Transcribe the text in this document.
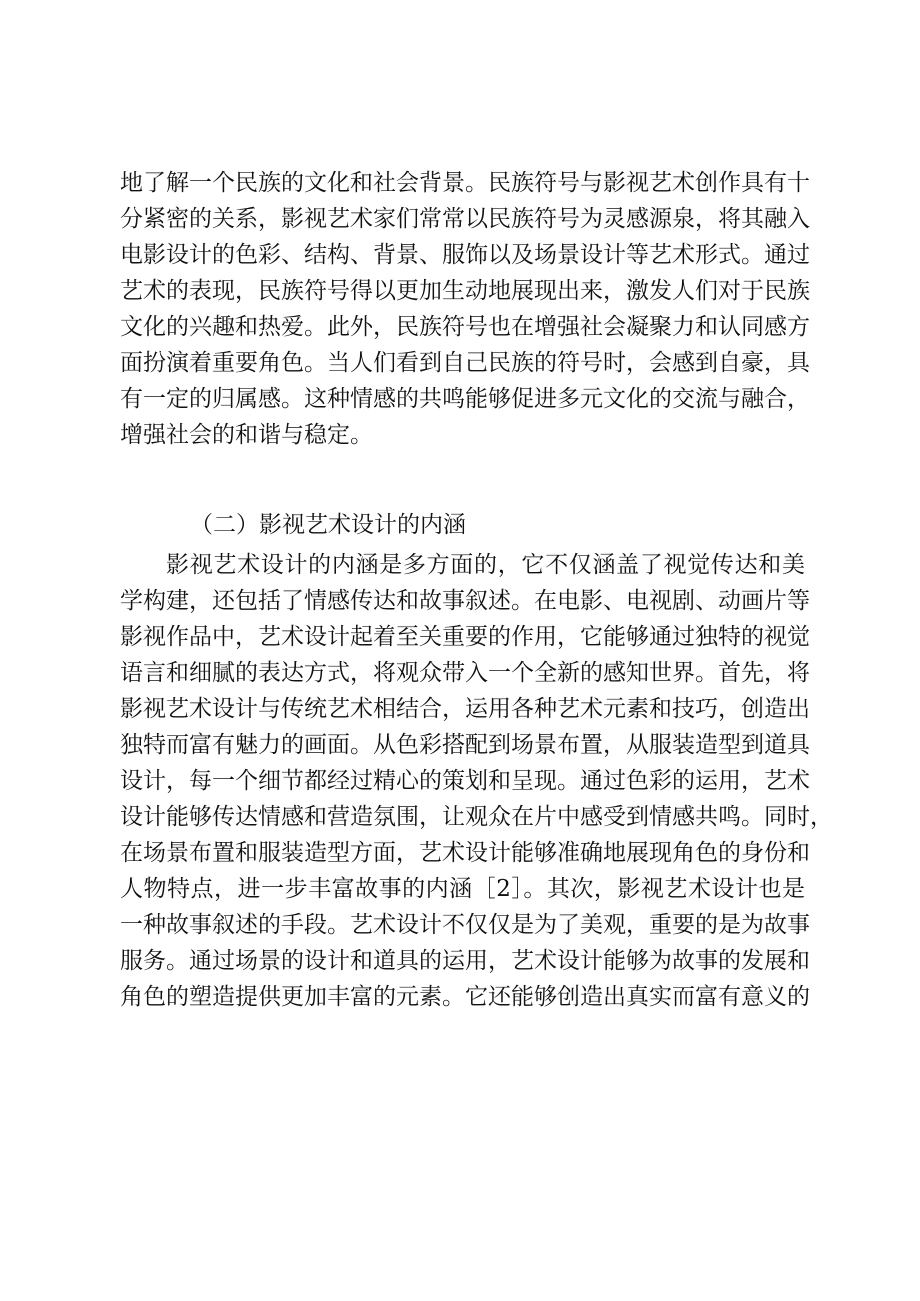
地了解一个民族的文化和社会背景。民族符号与影视艺术创作具有十
分紧密的关系，影视艺术家们常常以民族符号为灵感源泉，将其融入
电影设计的色彩、结构、背景、服饰以及场景设计等艺术形式。通过
艺术的表现，民族符号得以更加生动地展现出来，激发人们对于民族
文化的兴趣和热爱。此外，民族符号也在增强社会凝聚力和认同感方
面扮演着重要角色。当人们看到自己民族的符号时，会感到自豪，具
有一定的归属感。这种情感的共鸣能够促进多元文化的交流与融合，
增强社会的和谐与稳定。
（二）影视艺术设计的内涵
影视艺术设计的内涵是多方面的，它不仅涵盖了视觉传达和美
学构建，还包括了情感传达和故事叙述。在电影、电视剧、动画片等
影视作品中，艺术设计起着至关重要的作用，它能够通过独特的视觉
语言和细腻的表达方式，将观众带入一个全新的感知世界。首先，将
影视艺术设计与传统艺术相结合，运用各种艺术元素和技巧，创造出
独特而富有魅力的画面。从色彩搭配到场景布置，从服装造型到道具
设计，每一个细节都经过精心的策划和呈现。通过色彩的运用，艺术
设计能够传达情感和营造氛围，让观众在片中感受到情感共鸣。同时，
在场景布置和服装造型方面，艺术设计能够准确地展现角色的身份和
人物特点，进一步丰富故事的内涵［2］。其次，影视艺术设计也是
一种故事叙述的手段。艺术设计不仅仅是为了美观，重要的是为故事
服务。通过场景的设计和道具的运用，艺术设计能够为故事的发展和
角色的塑造提供更加丰富的元素。它还能够创造出真实而富有意义的
